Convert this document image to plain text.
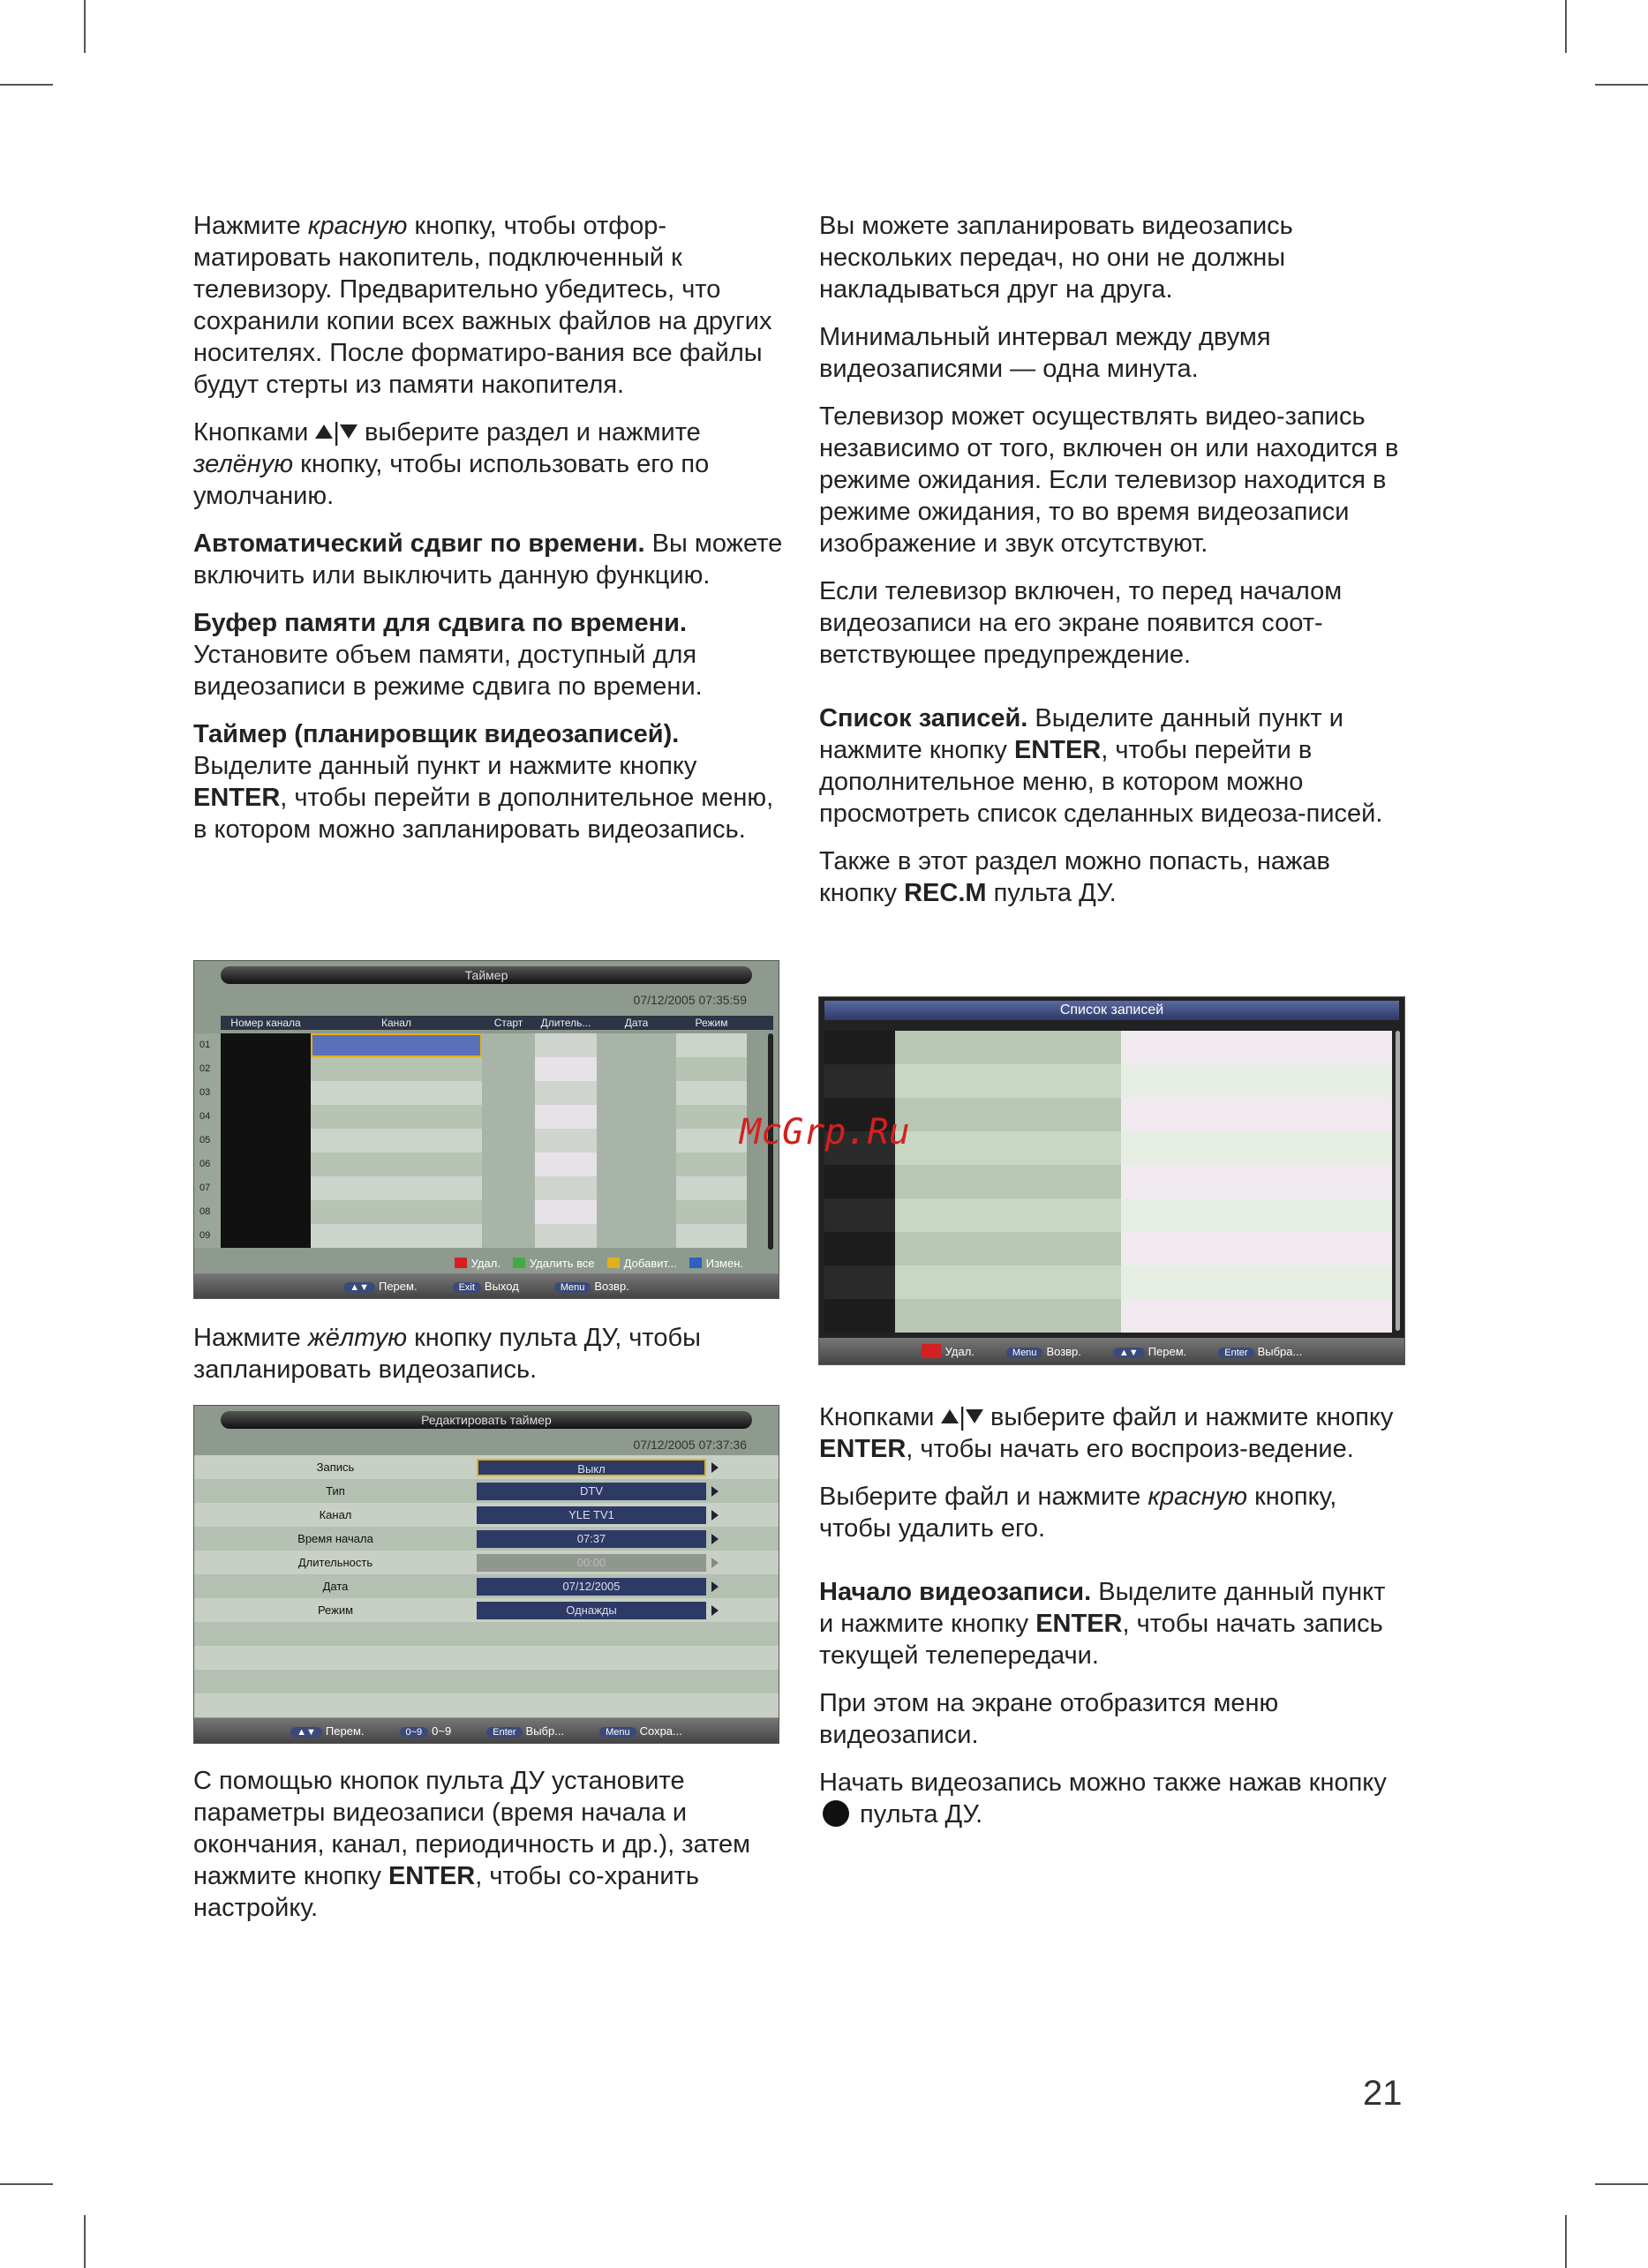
Нажмите красную кнопку, чтобы отфор-матировать накопитель, подключенный к телевизору. Предварительно убедитесь, что сохранили копии всех важных файлов на других носителях. После форматиро-вания все файлы будут стерты из памяти накопителя.

Кнопками | выберите раздел и нажмите зелёную кнопку, чтобы использовать его по умолчанию.

Автоматический сдвиг по времени. Вы можете включить или выключить данную функцию.

Буфер памяти для сдвига по времени. Установите объем памяти, доступный для видеозаписи в режиме сдвига по времени.

Таймер (планировщик видеозаписей). Выделите данный пункт и нажмите кнопку ENTER, чтобы перейти в дополнительное меню, в котором можно запланировать видеозапись.

Таймер
07/12/2005 07:35:59
Номер канала	Канал	Старт	Длитель...	Дата	Режим
01
02
03
04
05
06
07
08
09
Удал.	Удалить все	Добавит...	Измен.
▲▼ Перем.	Exit Выход	Menu Возвр.

Нажмите жёлтую кнопку пульта ДУ, чтобы запланировать видеозапись.

Редактировать таймер
07/12/2005 07:37:36
Запись	Выкл
Тип	DTV
Канал	YLE TV1
Время начала	07:37
Длительность	00:00
Дата	07/12/2005
Режим	Однажды
▲▼ Перем.	0~9 0~9	Enter Выбр...	Menu Сохра...

С помощью кнопок пульта ДУ установите параметры видеозаписи (время начала и окончания, канал, периодичность и др.), затем нажмите кнопку ENTER, чтобы со-хранить настройку.

Вы можете запланировать видеозапись нескольких передач, но они не должны накладываться друг на друга.

Минимальный интервал между двумя видеозаписями — одна минута.

Телевизор может осуществлять видео-запись независимо от того, включен он или находится в режиме ожидания. Если телевизор находится в режиме ожидания, то во время видеозаписи изображение и звук отсутствуют.

Если телевизор включен, то перед началом видеозаписи на его экране появится соот-ветствующее предупреждение.

Список записей. Выделите данный пункт и нажмите кнопку ENTER, чтобы перейти в дополнительное меню, в котором можно просмотреть список сделанных видеоза-писей.

Также в этот раздел можно попасть, нажав кнопку REC.M пульта ДУ.

Список записей
Удал.	Menu Возвр.	▲▼ Перем.	Enter Выбра...

Кнопками | выберите файл и нажмите кнопку ENTER, чтобы начать его воспроиз-ведение.

Выберите файл и нажмите красную кнопку, чтобы удалить его.

Начало видеозаписи. Выделите данный пункт и нажмите кнопку ENTER, чтобы начать запись текущей телепередачи.

При этом на экране отобразится меню видеозаписи.

Начать видеозапись можно также нажав кнопку  пульта ДУ.

McGrp.Ru
21
